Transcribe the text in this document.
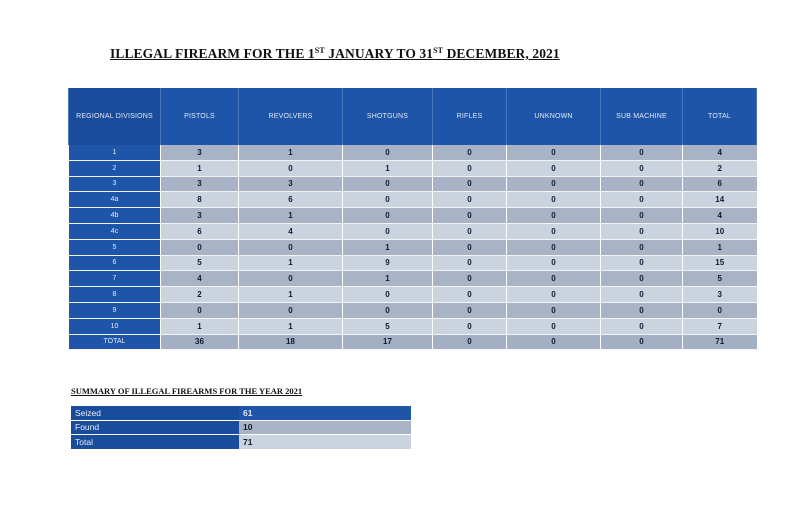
ILLEGAL FIREARM FOR THE 1ST JANUARY TO 31ST DECEMBER, 2021
REGIONAL DIVISIONS	PISTOLS	REVOLVERS	SHOTGUNS	RIFLES	UNKNOWN	SUB MACHINE	TOTAL
1	3	1	0	0	0	0	4
2	1	0	1	0	0	0	2
3	3	3	0	0	0	0	6
4a	8	6	0	0	0	0	14
4b	3	1	0	0	0	0	4
4c	6	4	0	0	0	0	10
5	0	0	1	0	0	0	1
6	5	1	9	0	0	0	15
7	4	0	1	0	0	0	5
8	2	1	0	0	0	0	3
9	0	0	0	0	0	0	0
10	1	1	5	0	0	0	7
TOTAL	36	18	17	0	0	0	71
SUMMARY OF ILLEGAL FIREARMS FOR THE YEAR 2021
Seized	61
Found	10
Total	71
